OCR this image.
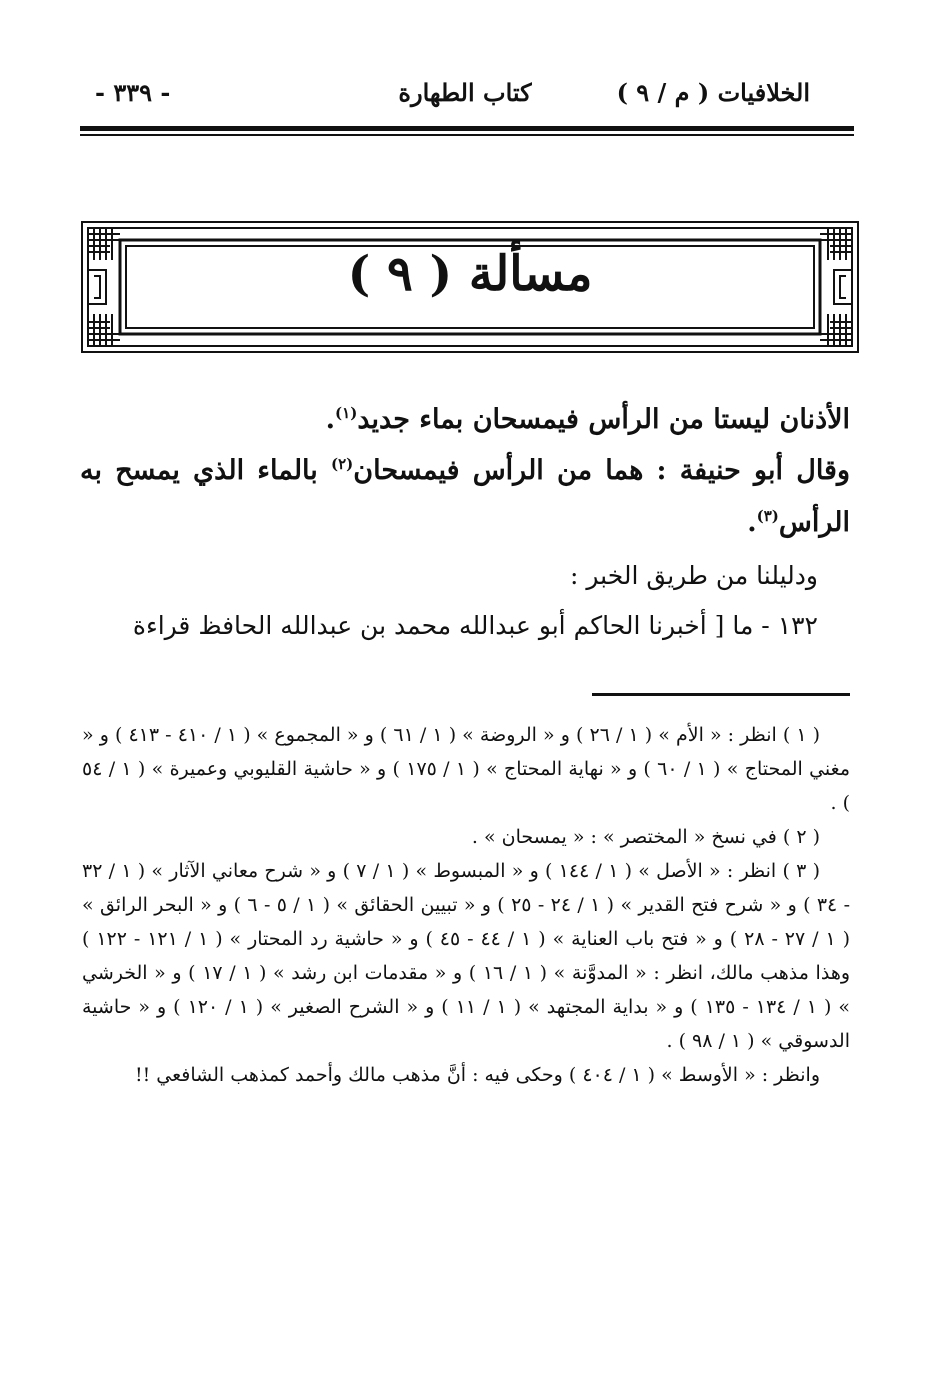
الخلافيات ( م / ٩ )
كتاب الطهارة
- ٣٣٩ -
مسألة ( ٩ )

الأذنان ليستا من الرأس فيمسحان بماء جديد$^{(١)}$.

وقال أبو حنيفة : هما من الرأس فيمسحان$^{(٢)}$ بالماء الذي يمسح به الرأس$^{(٣)}$.

ودليلنا من طريق الخبر :

١٣٢ - ما [ أخبرنا الحاكم أبو عبدالله محمد بن عبدالله الحافظ قراءة

( ١ ) انظر : « الأم » ( ١ / ٢٦ ) و « الروضة » ( ١ / ٦١ ) و « المجموع » ( ١ / ٤١٠ - ٤١٣ ) و « مغني المحتاج » ( ١ / ٦٠ ) و « نهاية المحتاج » ( ١ / ١٧٥ ) و « حاشية القليوبي وعميرة » ( ١ / ٥٤ ) .

( ٢ ) في نسخ « المختصر » : « يمسحان » .

( ٣ ) انظر : « الأصل » ( ١ / ١٤٤ ) و « المبسوط » ( ١ / ٧ ) و « شرح معاني الآثار » ( ١ / ٣٢ - ٣٤ ) و « شرح فتح القدير » ( ١ / ٢٤ - ٢٥ ) و « تبيين الحقائق » ( ١ / ٥ - ٦ ) و « البحر الرائق » ( ١ / ٢٧ - ٢٨ ) و « فتح باب العناية » ( ١ / ٤٤ - ٤٥ ) و « حاشية رد المحتار » ( ١ / ١٢١ - ١٢٢ ) وهذا مذهب مالك، انظر : « المدوَّنة » ( ١ / ١٦ ) و « مقدمات ابن رشد » ( ١ / ١٧ ) و « الخرشي » ( ١ / ١٣٤ - ١٣٥ ) و « بداية المجتهد » ( ١ / ١١ ) و « الشرح الصغير » ( ١ / ١٢٠ ) و « حاشية الدسوقي » ( ١ / ٩٨ ) .

وانظر : « الأوسط » ( ١ / ٤٠٤ ) وحكى فيه : أنَّ مذهب مالك وأحمد كمذهب الشافعي !!
